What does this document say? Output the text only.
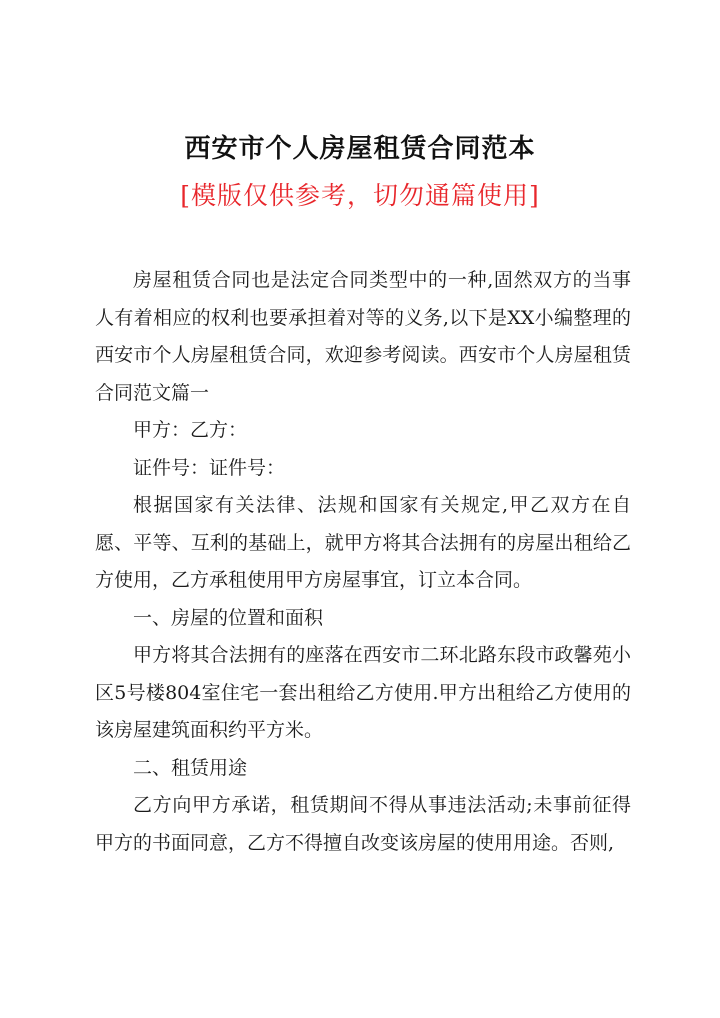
西安市个人房屋租赁合同范本
[模版仅供参考，切勿通篇使用]

房屋租赁合同也是法定合同类型中的一种,固然双方的当事人有着相应的权利也要承担着对等的义务,以下是XX小编整理的西安市个人房屋租赁合同，欢迎参考阅读。西安市个人房屋租赁合同范文篇一

甲方：乙方：

证件号：证件号：

根据国家有关法律、法规和国家有关规定,甲乙双方在自愿、平等、互利的基础上，就甲方将其合法拥有的房屋出租给乙方使用，乙方承租使用甲方房屋事宜，订立本合同。

一、房屋的位置和面积

甲方将其合法拥有的座落在西安市二环北路东段市政馨苑小区5号楼804室住宅一套出租给乙方使用.甲方出租给乙方使用的该房屋建筑面积约平方米。

二、租赁用途

乙方向甲方承诺，租赁期间不得从事违法活动;未事前征得甲方的书面同意，乙方不得擅自改变该房屋的使用用途。否则,
